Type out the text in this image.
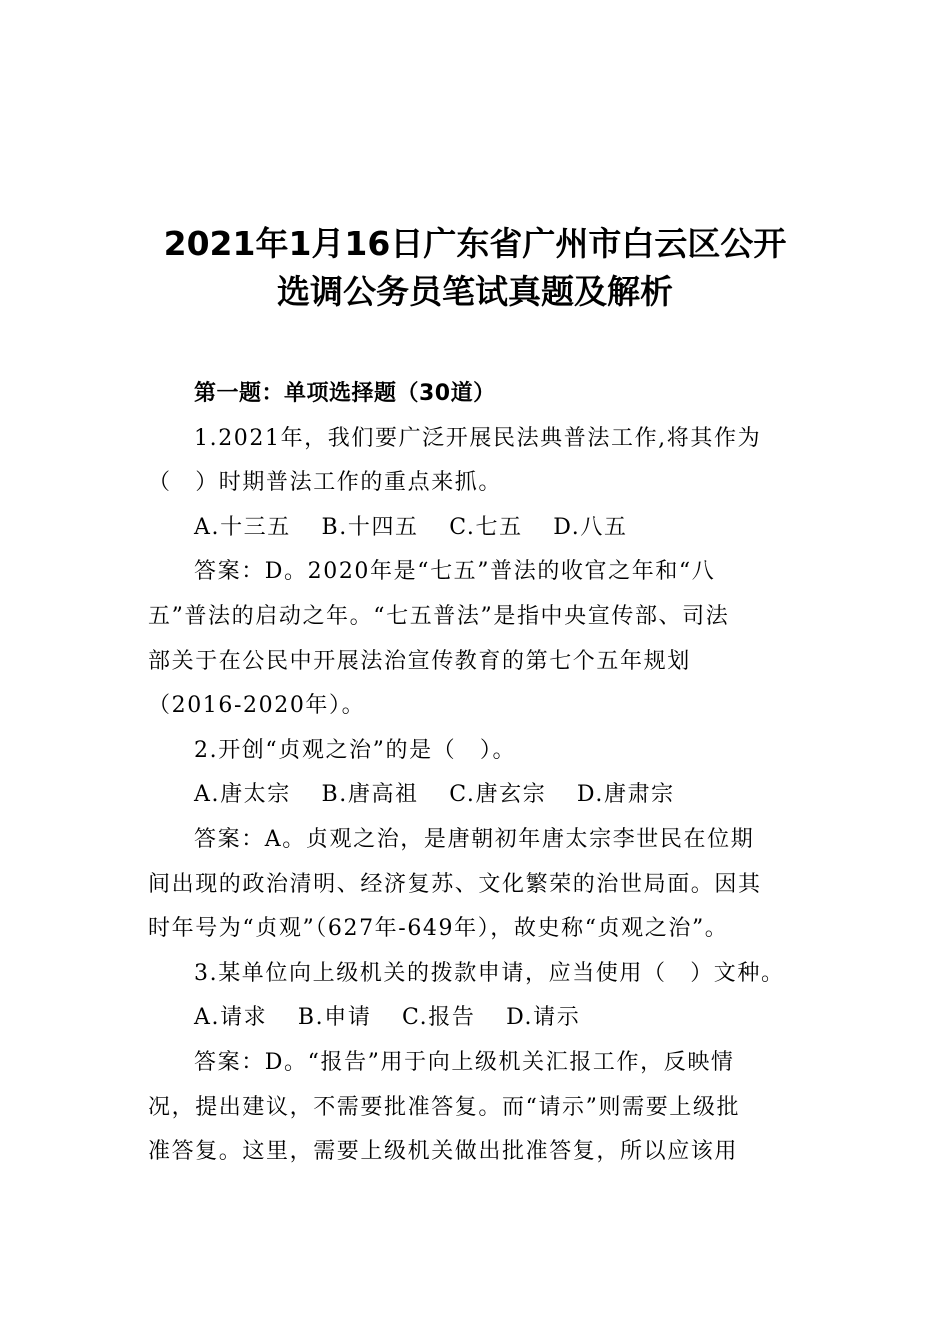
2021年1月16日广东省广州市白云区公开
选调公务员笔试真题及解析
第一题：单项选择题（30道）
1.2021年，我们要广泛开展民法典普法工作,将其作为
（　）时期普法工作的重点来抓。
A.十三五 B.十四五 C.七五 D.八五
答案：D。2020年是“七五”普法的收官之年和“八
五”普法的启动之年。“七五普法”是指中央宣传部、司法
部关于在公民中开展法治宣传教育的第七个五年规划
（2016-2020年）。
2.开创“贞观之治”的是（　）。
A.唐太宗 B.唐高祖 C.唐玄宗 D.唐肃宗
答案：A。贞观之治，是唐朝初年唐太宗李世民在位期
间出现的政治清明、经济复苏、文化繁荣的治世局面。因其
时年号为“贞观”（627年-649年），故史称“贞观之治”。
3.某单位向上级机关的拨款申请，应当使用（　）文种。
A.请求 B.申请 C.报告 D.请示
答案：D。“报告”用于向上级机关汇报工作，反映情
况，提出建议，不需要批准答复。而“请示”则需要上级批
准答复。这里，需要上级机关做出批准答复，所以应该用
